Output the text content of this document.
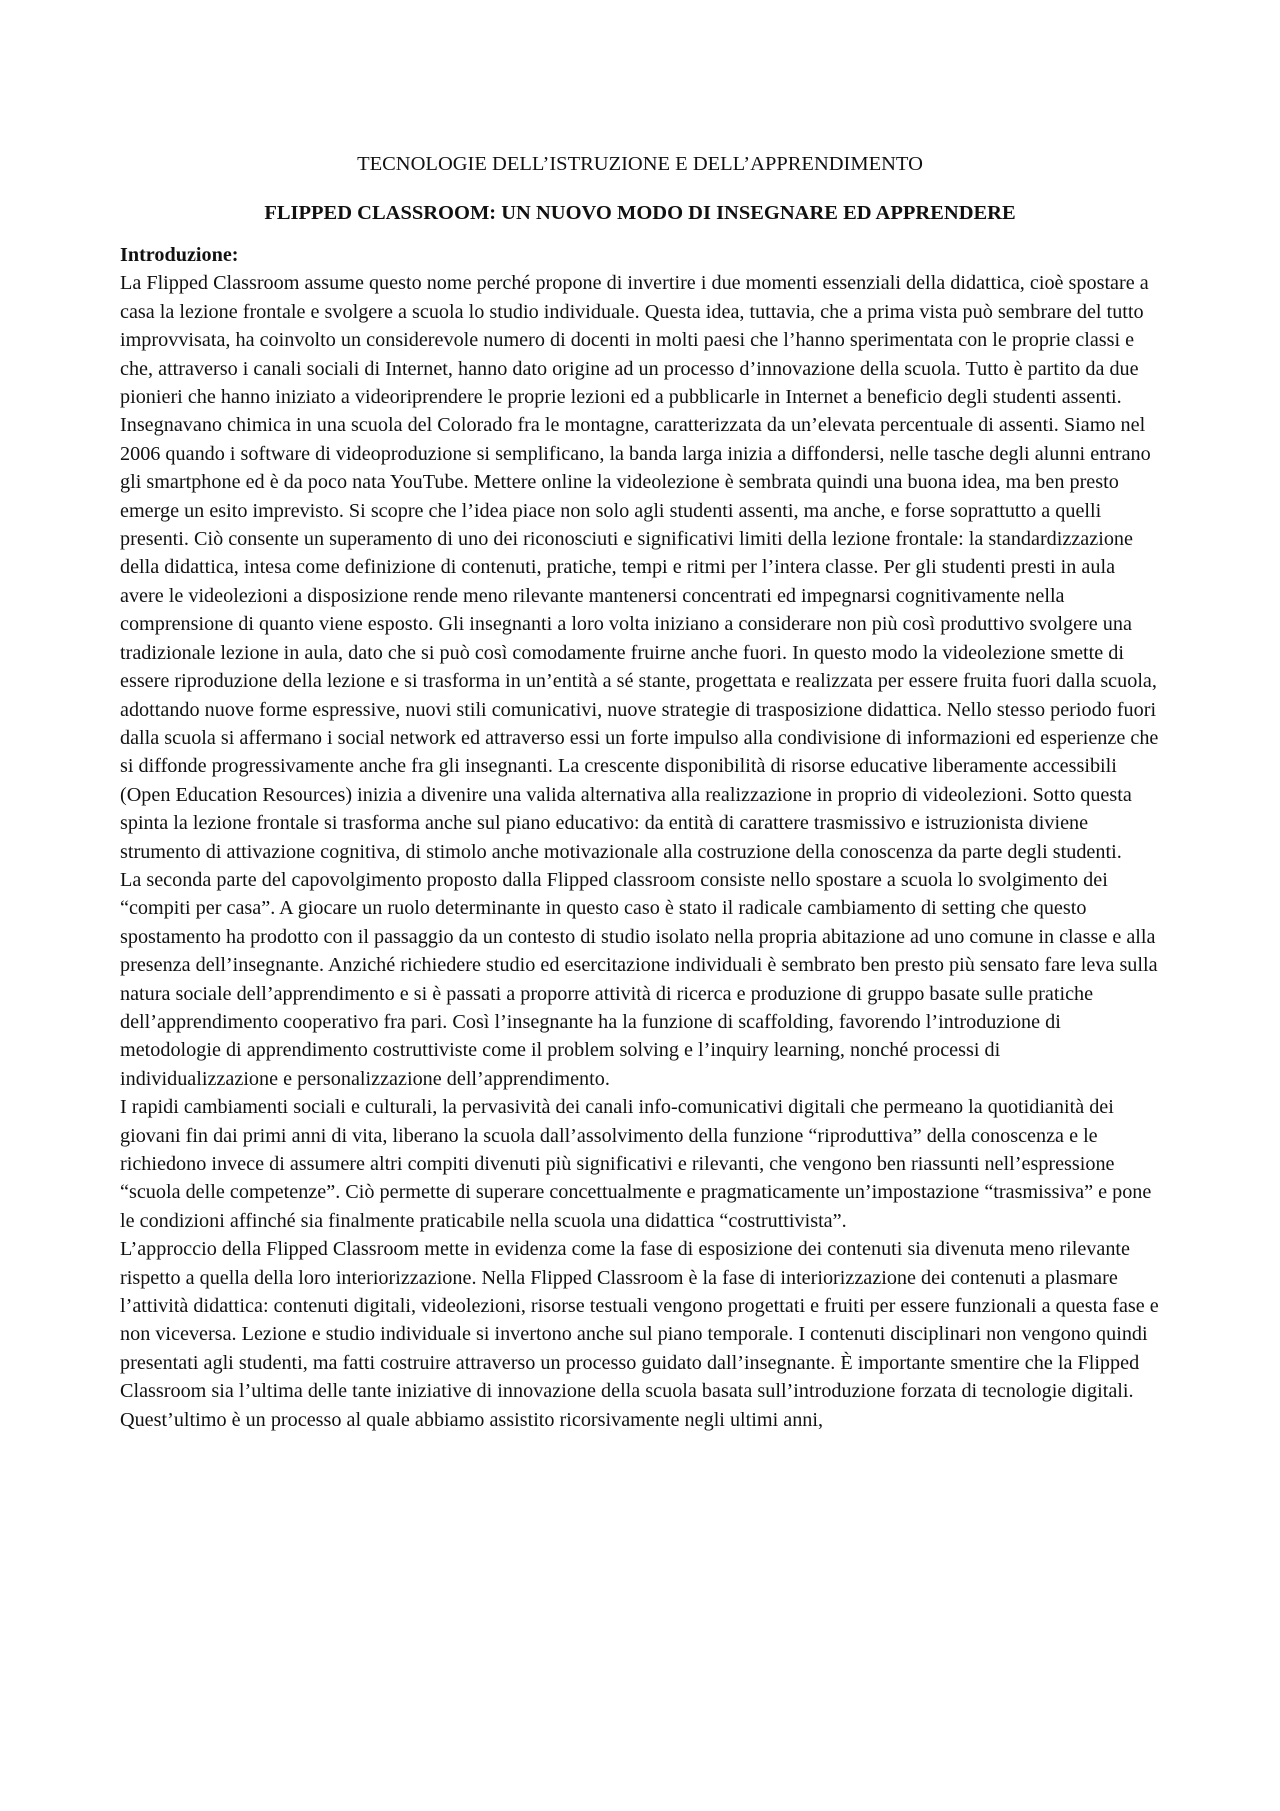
TECNOLOGIE DELL’ISTRUZIONE E DELL’APPRENDIMENTO
FLIPPED CLASSROOM: UN NUOVO MODO DI INSEGNARE ED APPRENDERE

Introduzione:

La Flipped Classroom assume questo nome perché propone di invertire i due momenti essenziali della didattica, cioè spostare a casa la lezione frontale e svolgere a scuola lo studio individuale. Questa idea, tuttavia, che a prima vista può sembrare del tutto improvvisata, ha coinvolto un considerevole numero di docenti in molti paesi che l’hanno sperimentata con le proprie classi e che, attraverso i canali sociali di Internet, hanno dato origine ad un processo d’innovazione della scuola. Tutto è partito da due pionieri che hanno iniziato a videoriprendere le proprie lezioni ed a pubblicarle in Internet a beneficio degli studenti assenti. Insegnavano chimica in una scuola del Colorado fra le montagne, caratterizzata da un’elevata percentuale di assenti. Siamo nel 2006 quando i software di videoproduzione si semplificano, la banda larga inizia a diffondersi, nelle tasche degli alunni entrano gli smartphone ed è da poco nata YouTube. Mettere online la videolezione è sembrata quindi una buona idea, ma ben presto emerge un esito imprevisto. Si scopre che l’idea piace non solo agli studenti assenti, ma anche, e forse soprattutto a quelli presenti. Ciò consente un superamento di uno dei riconosciuti e significativi limiti della lezione frontale: la standardizzazione della didattica, intesa come definizione di contenuti, pratiche, tempi e ritmi per l’intera classe. Per gli studenti presti in aula avere le videolezioni a disposizione rende meno rilevante mantenersi concentrati ed impegnarsi cognitivamente nella comprensione di quanto viene esposto. Gli insegnanti a loro volta iniziano a considerare non più così produttivo svolgere una tradizionale lezione in aula, dato che si può così comodamente fruirne anche fuori. In questo modo la videolezione smette di essere riproduzione della lezione e si trasforma in un’entità a sé stante, progettata e realizzata per essere fruita fuori dalla scuola, adottando nuove forme espressive, nuovi stili comunicativi, nuove strategie di trasposizione didattica. Nello stesso periodo fuori dalla scuola si affermano i social network ed attraverso essi un forte impulso alla condivisione di informazioni ed esperienze che si diffonde progressivamente anche fra gli insegnanti. La crescente disponibilità di risorse educative liberamente accessibili (Open Education Resources) inizia a divenire una valida alternativa alla realizzazione in proprio di videolezioni. Sotto questa spinta la lezione frontale si trasforma anche sul piano educativo: da entità di carattere trasmissivo e istruzionista diviene strumento di attivazione cognitiva, di stimolo anche motivazionale alla costruzione della conoscenza da parte degli studenti.

La seconda parte del capovolgimento proposto dalla Flipped classroom consiste nello spostare a scuola lo svolgimento dei “compiti per casa”. A giocare un ruolo determinante in questo caso è stato il radicale cambiamento di setting che questo spostamento ha prodotto con il passaggio da un contesto di studio isolato nella propria abitazione ad uno comune in classe e alla presenza dell’insegnante. Anziché richiedere studio ed esercitazione individuali è sembrato ben presto più sensato fare leva sulla natura sociale dell’apprendimento e si è passati a proporre attività di ricerca e produzione di gruppo basate sulle pratiche dell’apprendimento cooperativo fra pari. Così l’insegnante ha la funzione di scaffolding, favorendo l’introduzione di metodologie di apprendimento costruttiviste come il problem solving e l’inquiry learning, nonché processi di individualizzazione e personalizzazione dell’apprendimento.

I rapidi cambiamenti sociali e culturali, la pervasività dei canali info-comunicativi digitali che permeano la quotidianità dei giovani fin dai primi anni di vita, liberano la scuola dall’assolvimento della funzione “riproduttiva” della conoscenza e le richiedono invece di assumere altri compiti divenuti più significativi e rilevanti, che vengono ben riassunti nell’espressione “scuola delle competenze”. Ciò permette di superare concettualmente e pragmaticamente un’impostazione “trasmissiva” e pone le condizioni affinché sia finalmente praticabile nella scuola una didattica “costruttivista”.

L’approccio della Flipped Classroom mette in evidenza come la fase di esposizione dei contenuti sia divenuta meno rilevante rispetto a quella della loro interiorizzazione. Nella Flipped Classroom è la fase di interiorizzazione dei contenuti a plasmare l’attività didattica: contenuti digitali, videolezioni, risorse testuali vengono progettati e fruiti per essere funzionali a questa fase e non viceversa. Lezione e studio individuale si invertono anche sul piano temporale. I contenuti disciplinari non vengono quindi presentati agli studenti, ma fatti costruire attraverso un processo guidato dall’insegnante. È importante smentire che la Flipped Classroom sia l’ultima delle tante iniziative di innovazione della scuola basata sull’introduzione forzata di tecnologie digitali. Quest’ultimo è un processo al quale abbiamo assistito ricorsivamente negli ultimi anni,
